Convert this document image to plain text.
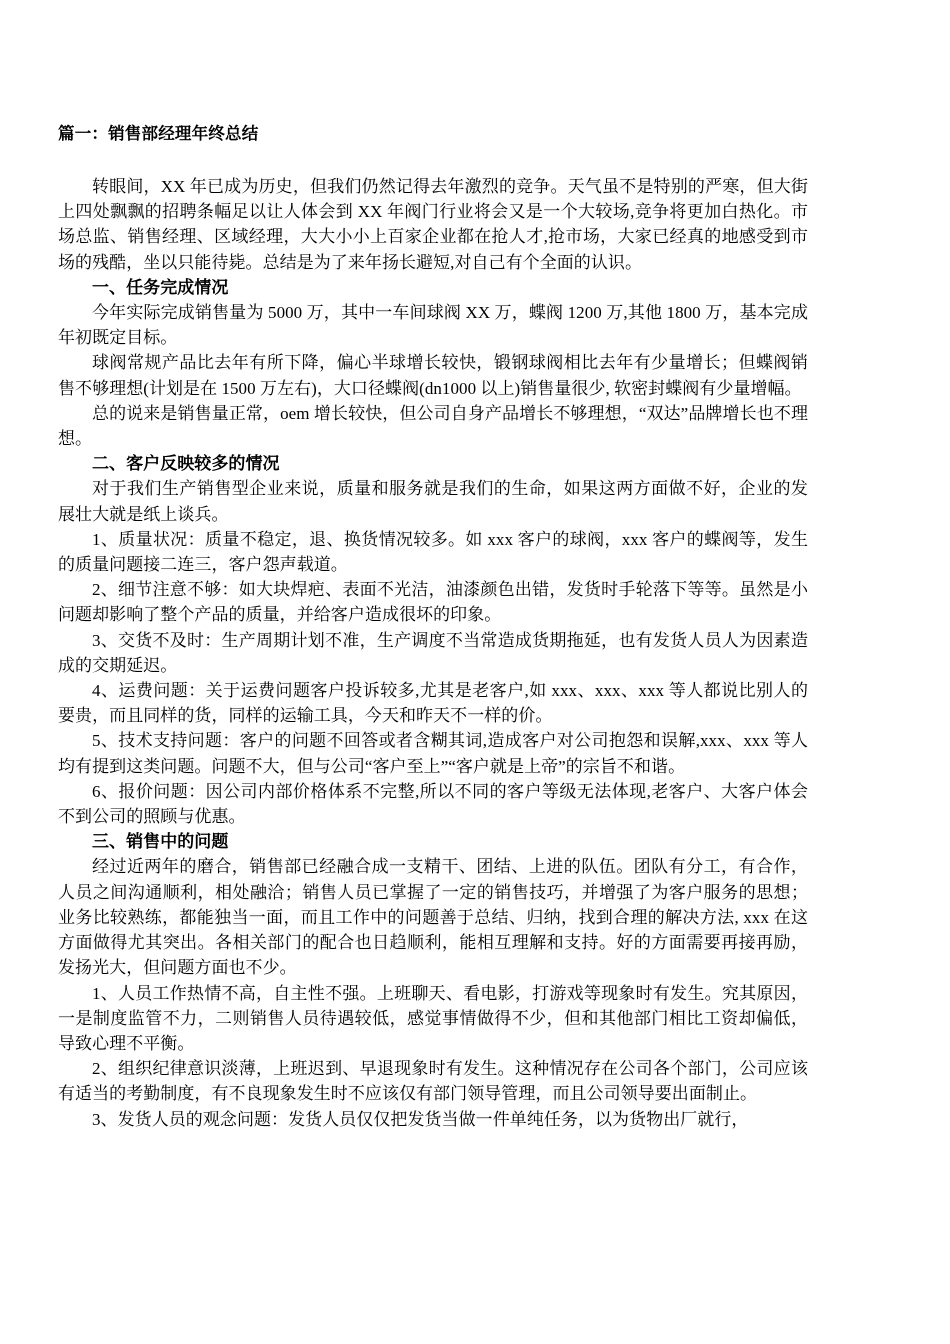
篇一：销售部经理年终总结

转眼间，XX 年已成为历史，但我们仍然记得去年激烈的竞争。天气虽不是特别的严寒，但大街上四处飘飘的招聘条幅足以让人体会到 XX 年阀门行业将会又是一个大较场,竞争将更加白热化。市场总监、销售经理、区域经理，大大小小上百家企业都在抢人才,抢市场，大家已经真的地感受到市场的残酷，坐以只能待毙。总结是为了来年扬长避短,对自己有个全面的认识。

一、任务完成情况

今年实际完成销售量为 5000 万，其中一车间球阀 XX 万，蝶阀 1200 万,其他 1800 万，基本完成年初既定目标。

球阀常规产品比去年有所下降，偏心半球增长较快，锻钢球阀相比去年有少量增长；但蝶阀销售不够理想(计划是在 1500 万左右)，大口径蝶阀(dn1000 以上)销售量很少, 软密封蝶阀有少量增幅。

总的说来是销售量正常，oem 增长较快，但公司自身产品增长不够理想，“双达”品牌增长也不理想。

二、客户反映较多的情况

对于我们生产销售型企业来说，质量和服务就是我们的生命，如果这两方面做不好，企业的发展壮大就是纸上谈兵。

1、质量状况：质量不稳定，退、换货情况较多。如 xxx 客户的球阀，xxx 客户的蝶阀等，发生的质量问题接二连三，客户怨声载道。

2、细节注意不够：如大块焊疤、表面不光洁，油漆颜色出错，发货时手轮落下等等。虽然是小问题却影响了整个产品的质量，并给客户造成很坏的印象。

3、交货不及时：生产周期计划不准，生产调度不当常造成货期拖延，也有发货人员人为因素造成的交期延迟。

4、运费问题：关于运费问题客户投诉较多,尤其是老客户,如 xxx、xxx、xxx 等人都说比别人的要贵，而且同样的货，同样的运输工具，今天和昨天不一样的价。

5、技术支持问题：客户的问题不回答或者含糊其词,造成客户对公司抱怨和误解,xxx、xxx 等人均有提到这类问题。问题不大，但与公司“客户至上”“客户就是上帝”的宗旨不和谐。

6、报价问题：因公司内部价格体系不完整,所以不同的客户等级无法体现,老客户、大客户体会不到公司的照顾与优惠。

三、销售中的问题

经过近两年的磨合，销售部已经融合成一支精干、团结、上进的队伍。团队有分工，有合作，人员之间沟通顺利，相处融洽；销售人员已掌握了一定的销售技巧，并增强了为客户服务的思想；业务比较熟练，都能独当一面，而且工作中的问题善于总结、归纳，找到合理的解决方法, xxx 在这方面做得尤其突出。各相关部门的配合也日趋顺利，能相互理解和支持。好的方面需要再接再励，发扬光大，但问题方面也不少。

1、人员工作热情不高，自主性不强。上班聊天、看电影，打游戏等现象时有发生。究其原因，一是制度监管不力，二则销售人员待遇较低，感觉事情做得不少，但和其他部门相比工资却偏低，导致心理不平衡。

2、组织纪律意识淡薄，上班迟到、早退现象时有发生。这种情况存在公司各个部门，公司应该有适当的考勤制度，有不良现象发生时不应该仅有部门领导管理，而且公司领导要出面制止。

3、发货人员的观念问题：发货人员仅仅把发货当做一件单纯任务，以为货物出厂就行，
